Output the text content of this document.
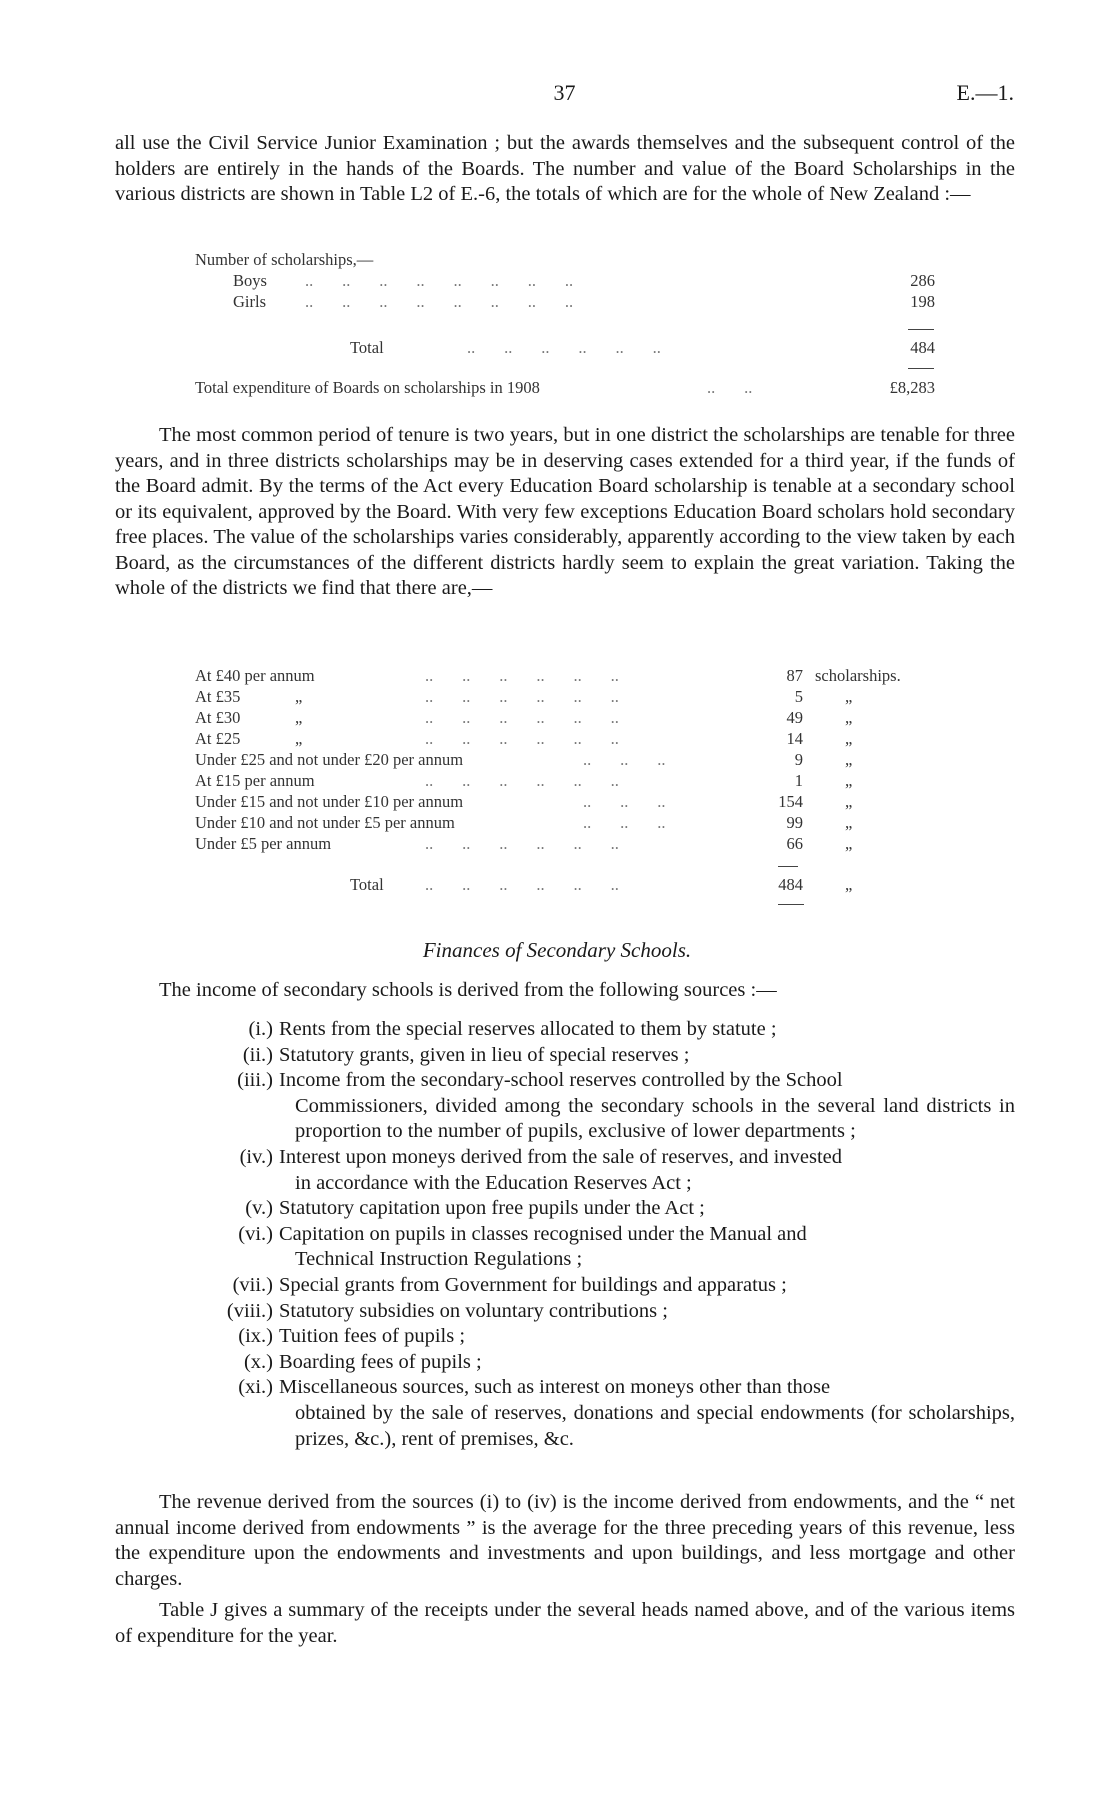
37	E.—1.

all use the Civil Service Junior Examination ; but the awards themselves and the subsequent control of the holders are entirely in the hands of the Boards. The number and value of the Board Scholarships in the various districts are shown in Table L2 of E.-6, the totals of which are for the whole of New Zealand :—

Number of scholarships,—
Boys ..       ..       ..       ..       ..       ..       ..       ..	286
Girls ..       ..       ..       ..       ..       ..       ..       ..	198
Total	..       ..       ..       ..       ..       ..	484
Total expenditure of Boards on scholarships in 1908	..       ..	£8,283

The most common period of tenure is two years, but in one district the scholarships are tenable for three years, and in three districts scholarships may be in deserving cases extended for a third year, if the funds of the Board admit. By the terms of the Act every Education Board scholarship is tenable at a secondary school or its equivalent, approved by the Board. With very few exceptions Education Board scholars hold secondary free places. The value of the scholarships varies considerably, apparently according to the view taken by each Board, as the circumstances of the different districts hardly seem to explain the great variation. Taking the whole of the districts we find that there are,—

At £40 per annum	..       ..       ..       ..       ..       ..	87 scholarships.
At £35	„	..       ..       ..       ..       ..       ..	5	„
At £30	„	..       ..       ..       ..       ..       ..	49	„
At £25	„	..       ..       ..       ..       ..       ..	14	„
Under £25 and not under £20 per annum	..       ..       ..	9	„
At £15 per annum	..       ..       ..       ..       ..       ..	1	„
Under £15 and not under £10 per annum	..       ..       ..	154	„
Under £10 and not under £5 per annum	..       ..       ..	99	„
Under £5 per annum	..       ..       ..       ..       ..       ..	66	„
Total	..       ..       ..       ..       ..       ..	484	„
Finances of Secondary Schools.

The income of secondary schools is derived from the following sources :—

(i.) Rents from the special reserves allocated to them by statute ;
(ii.) Statutory grants, given in lieu of special reserves ;
(iii.) Income from the secondary-school reserves controlled by the School
Commissioners, divided among the secondary schools in the several land districts in proportion to the number of pupils, exclusive of lower departments ;
(iv.) Interest upon moneys derived from the sale of reserves, and invested
in accordance with the Education Reserves Act ;
(v.) Statutory capitation upon free pupils under the Act ;
(vi.) Capitation on pupils in classes recognised under the Manual and
Technical Instruction Regulations ;
(vii.) Special grants from Government for buildings and apparatus ;
(viii.) Statutory subsidies on voluntary contributions ;
(ix.) Tuition fees of pupils ;
(x.) Boarding fees of pupils ;
(xi.) Miscellaneous sources, such as interest on moneys other than those
obtained by the sale of reserves, donations and special endowments (for scholarships, prizes, &c.), rent of premises, &c.

The revenue derived from the sources (i) to (iv) is the income derived from endowments, and the “ net annual income derived from endowments ” is the average for the three preceding years of this revenue, less the expenditure upon the endowments and investments and upon buildings, and less mortgage and other charges.

Table J gives a summary of the receipts under the several heads named above, and of the various items of expenditure for the year.
